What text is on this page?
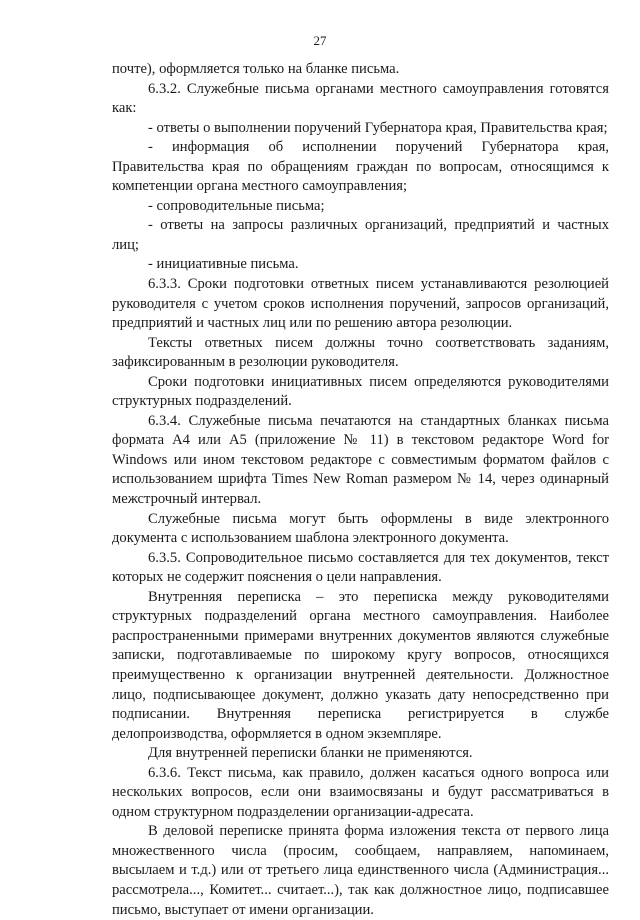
27

почте), оформляется только на бланке письма.

6.3.2. Служебные письма органами местного самоуправления готовятся как:

- ответы о выполнении поручений Губернатора края, Правительства края;

- информация об исполнении поручений Губернатора края, Правительства края по обращениям граждан по вопросам, относящимся к компетенции органа местного самоуправления;

- сопроводительные письма;

- ответы на запросы различных организаций, предприятий и частных лиц;

- инициативные письма.

6.3.3. Сроки подготовки ответных писем устанавливаются резолюцией руководителя с учетом сроков исполнения поручений, запросов организаций, предприятий и частных лиц или по решению автора резолюции.

Тексты ответных писем должны точно соответствовать заданиям, зафиксированным в резолюции руководителя.

Сроки подготовки инициативных писем определяются руководителями структурных подразделений.

6.3.4. Служебные письма печатаются на стандартных бланках письма формата А4 или А5 (приложение № 11) в текстовом редакторе Word for Windows или ином текстовом редакторе с совместимым форматом файлов с использованием шрифта Times New Roman размером № 14, через одинарный межстрочный интервал.

Служебные письма могут быть оформлены в виде электронного документа с использованием шаблона электронного документа.

6.3.5. Сопроводительное письмо составляется для тех документов, текст которых не содержит пояснения о цели направления.

Внутренняя переписка – это переписка между руководителями структурных подразделений органа местного самоуправления. Наиболее распространенными примерами внутренних документов являются служебные записки, подготавливаемые по широкому кругу вопросов, относящихся преимущественно к организации внутренней деятельности. Должностное лицо, подписывающее документ, должно указать дату непосредственно при подписании. Внутренняя переписка регистрируется в службе делопроизводства, оформляется в одном экземпляре.

Для внутренней переписки бланки не применяются.

6.3.6. Текст письма, как правило, должен касаться одного вопроса или нескольких вопросов, если они взаимосвязаны и будут рассматриваться в одном структурном подразделении организации-адресата.

В деловой переписке принята форма изложения текста от первого лица множественного числа (просим, сообщаем, направляем, напоминаем, высылаем и т.д.) или от третьего лица единственного числа (Администрация... рассмотрела..., Комитет... считает...), так как должностное лицо, подписавшее письмо, выступает от имени организации.
